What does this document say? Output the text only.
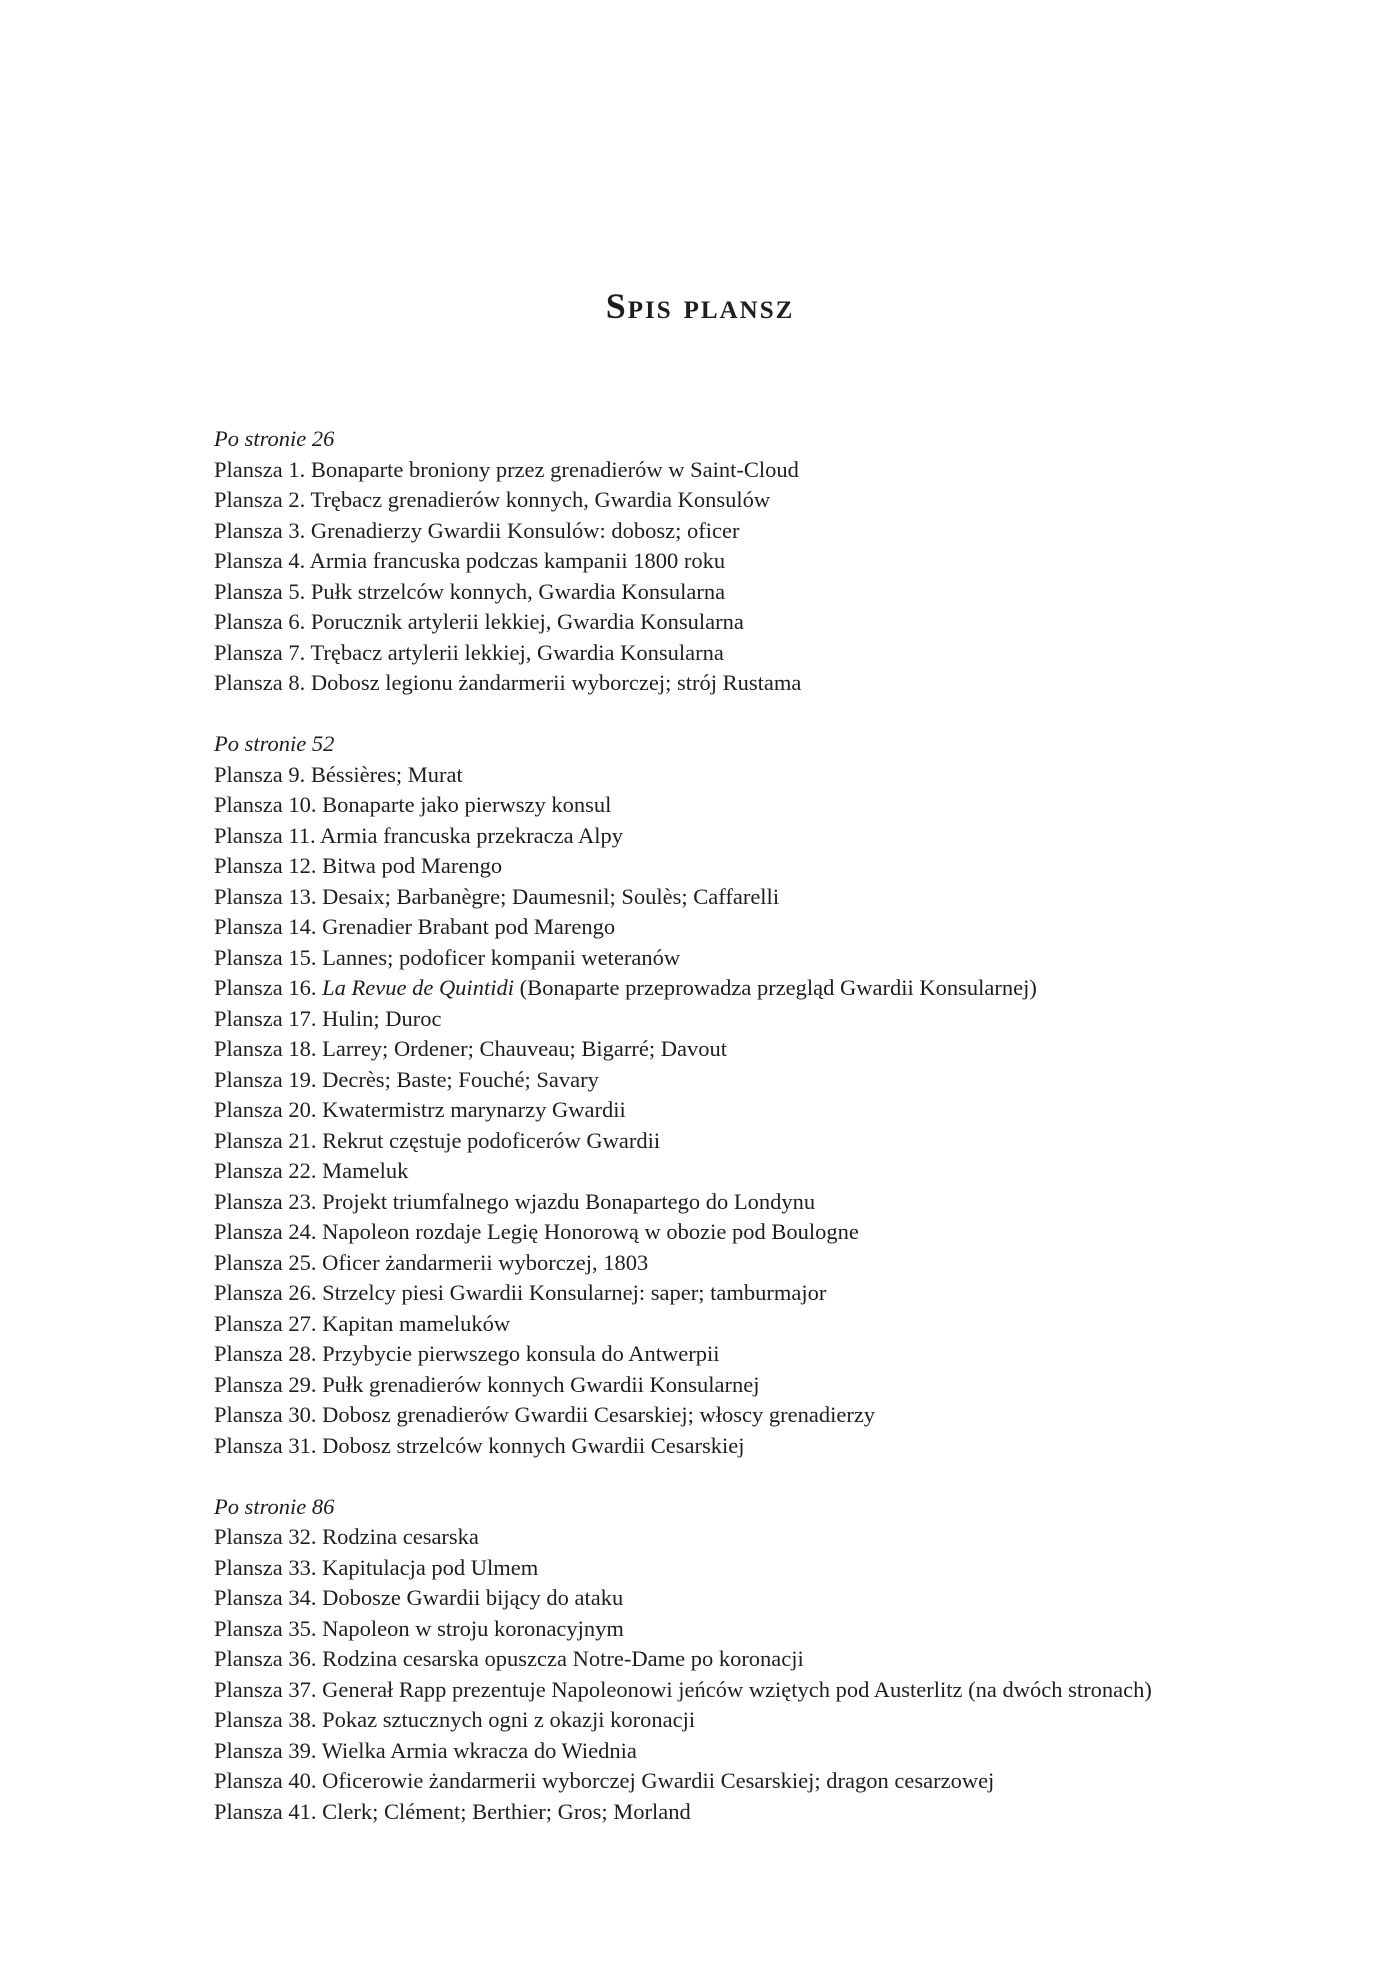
Spis plansz
Po stronie 26
Plansza 1. Bonaparte broniony przez grenadierów w Saint-Cloud
Plansza 2. Trębacz grenadierów konnych, Gwardia Konsulów
Plansza 3. Grenadierzy Gwardii Konsulów: dobosz; oficer
Plansza 4. Armia francuska podczas kampanii 1800 roku
Plansza 5. Pułk strzelców konnych, Gwardia Konsularna
Plansza 6. Porucznik artylerii lekkiej, Gwardia Konsularna
Plansza 7. Trębacz artylerii lekkiej, Gwardia Konsularna
Plansza 8. Dobosz legionu żandarmerii wyborczej; strój Rustama
Po stronie 52
Plansza 9. Béssières; Murat
Plansza 10. Bonaparte jako pierwszy konsul
Plansza 11. Armia francuska przekracza Alpy
Plansza 12. Bitwa pod Marengo
Plansza 13. Desaix; Barbanègre; Daumesnil; Soulès; Caffarelli
Plansza 14. Grenadier Brabant pod Marengo
Plansza 15. Lannes; podoficer kompanii weteranów
Plansza 16. La Revue de Quintidi (Bonaparte przeprowadza przegląd Gwardii Konsularnej)
Plansza 17. Hulin; Duroc
Plansza 18. Larrey; Ordener; Chauveau; Bigarré; Davout
Plansza 19. Decrès; Baste; Fouché; Savary
Plansza 20. Kwatermistrz marynarzy Gwardii
Plansza 21. Rekrut częstuje podoficerów Gwardii
Plansza 22. Mameluk
Plansza 23. Projekt triumfalnego wjazdu Bonapartego do Londynu
Plansza 24. Napoleon rozdaje Legię Honorową w obozie pod Boulogne
Plansza 25. Oficer żandarmerii wyborczej, 1803
Plansza 26. Strzelcy piesi Gwardii Konsularnej: saper; tamburmajor
Plansza 27. Kapitan mameluków
Plansza 28. Przybycie pierwszego konsula do Antwerpii
Plansza 29. Pułk grenadierów konnych Gwardii Konsularnej
Plansza 30. Dobosz grenadierów Gwardii Cesarskiej; włoscy grenadierzy
Plansza 31. Dobosz strzelców konnych Gwardii Cesarskiej
Po stronie 86
Plansza 32. Rodzina cesarska
Plansza 33. Kapitulacja pod Ulmem
Plansza 34. Dobosze Gwardii bijący do ataku
Plansza 35. Napoleon w stroju koronacyjnym
Plansza 36. Rodzina cesarska opuszcza Notre-Dame po koronacji
Plansza 37. Generał Rapp prezentuje Napoleonowi jeńców wziętych pod Austerlitz (na dwóch stronach)
Plansza 38. Pokaz sztucznych ogni z okazji koronacji
Plansza 39. Wielka Armia wkracza do Wiednia
Plansza 40. Oficerowie żandarmerii wyborczej Gwardii Cesarskiej; dragon cesarzowej
Plansza 41. Clerk; Clément; Berthier; Gros; Morland
